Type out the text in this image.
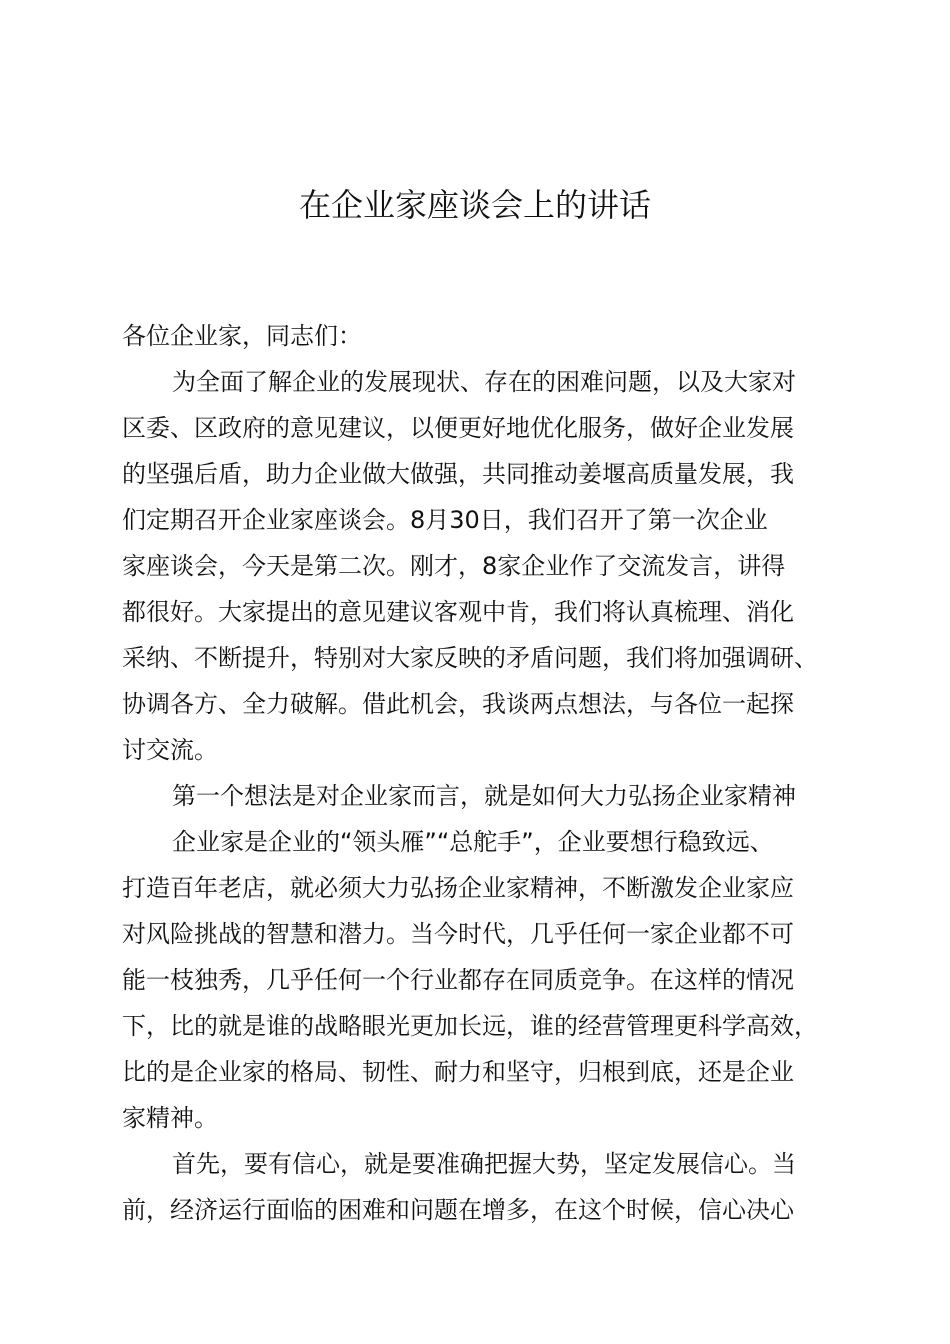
在企业家座谈会上的讲话
各位企业家，同志们：
为全面了解企业的发展现状、存在的困难问题，以及大家对
区委、区政府的意见建议，以便更好地优化服务，做好企业发展
的坚强后盾，助力企业做大做强，共同推动姜堰高质量发展，我
们定期召开企业家座谈会。8月30日，我们召开了第一次企业
家座谈会，今天是第二次。刚才，8家企业作了交流发言，讲得
都很好。大家提出的意见建议客观中肯，我们将认真梳理、消化
采纳、不断提升，特别对大家反映的矛盾问题，我们将加强调研、
协调各方、全力破解。借此机会，我谈两点想法，与各位一起探
讨交流。
第一个想法是对企业家而言，就是如何大力弘扬企业家精神
企业家是企业的“领头雁”“总舵手”，企业要想行稳致远、
打造百年老店，就必须大力弘扬企业家精神，不断激发企业家应
对风险挑战的智慧和潜力。当今时代，几乎任何一家企业都不可
能一枝独秀，几乎任何一个行业都存在同质竞争。在这样的情况
下，比的就是谁的战略眼光更加长远，谁的经营管理更科学高效，
比的是企业家的格局、韧性、耐力和坚守，归根到底，还是企业
家精神。
首先，要有信心，就是要准确把握大势，坚定发展信心。当
前，经济运行面临的困难和问题在增多，在这个时候，信心决心
